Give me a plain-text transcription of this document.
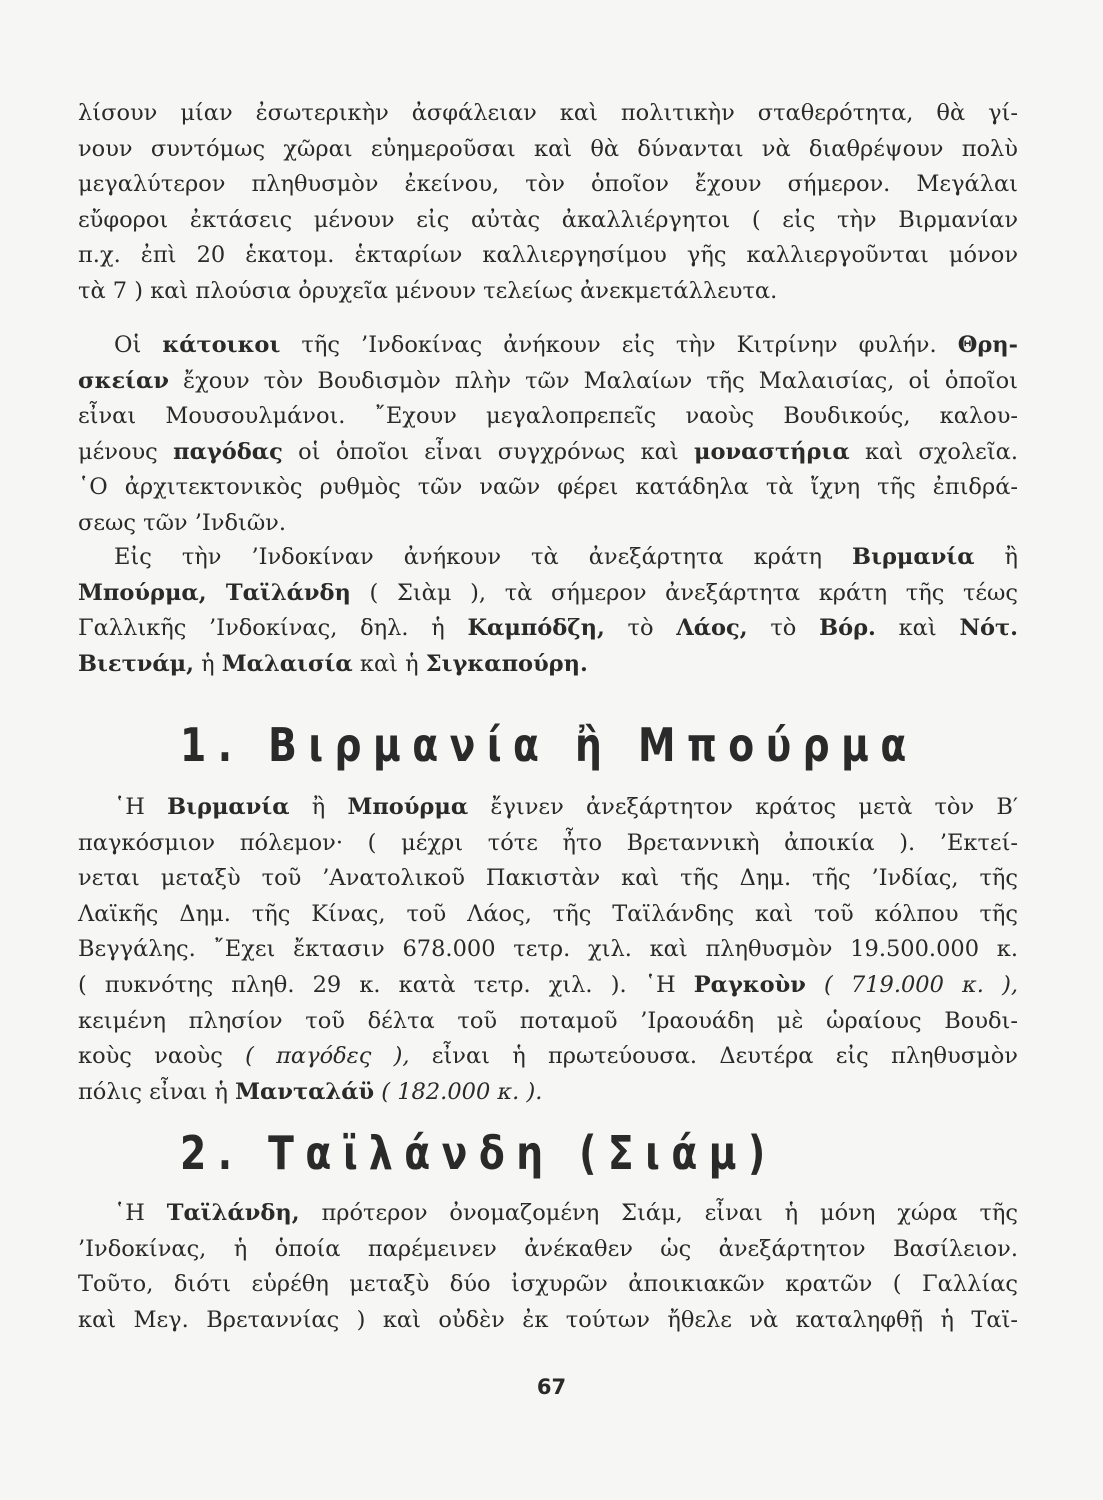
λίσουν μίαν ἐσωτερικὴν ἀσφάλειαν καὶ πολιτικὴν σταθερότητα, θὰ γί-
νουν συντόμως χῶραι εὐημεροῦσαι καὶ θὰ δύνανται νὰ διαθρέψουν πολὺ
μεγαλύτερον πληθυσμὸν ἐκείνου, τὸν ὁποῖον ἔχουν σήμερον. Μεγάλαι
εὔφοροι ἐκτάσεις μένουν εἰς αὐτὰς ἀκαλλιέργητοι ( εἰς τὴν Βιρμανίαν
π.χ. ἐπὶ 20 ἑκατομ. ἑκταρίων καλλιεργησίμου γῆς καλλιεργοῦνται μόνον
τὰ 7 ) καὶ πλούσια ὀρυχεῖα μένουν τελείως ἀνεκμετάλλευτα.

Οἱ κάτοικοι τῆς ’Ινδοκίνας ἀνήκουν εἰς τὴν Κιτρίνην φυλήν. Θρη-
σκείαν ἔχουν τὸν Βουδισμὸν πλὴν τῶν Μαλαίων τῆς Μαλαισίας, οἱ ὁποῖοι
εἶναι Μουσουλμάνοι. ῎Εχουν μεγαλοπρεπεῖς ναοὺς Βουδικούς, καλου-
μένους παγόδας οἱ ὁποῖοι εἶναι συγχρόνως καὶ μοναστήρια καὶ σχολεῖα.
῾Ο ἀρχιτεκτονικὸς ρυθμὸς τῶν ναῶν φέρει κατάδηλα τὰ ἴχνη τῆς ἐπιδρά-
σεως τῶν ’Ινδιῶν.

Εἰς τὴν ’Ινδοκίναν ἀνήκουν τὰ ἀνεξάρτητα κράτη Βιρμανία ἢ
Μπούρμα, Ταϊλάνδη ( Σιὰμ ), τὰ σήμερον ἀνεξάρτητα κράτη τῆς τέως
Γαλλικῆς ’Ινδοκίνας, δηλ. ἡ Καμπόδζη, τὸ Λάος, τὸ Βόρ. καὶ Νότ.
Βιετνάμ, ἡ Μαλαισία καὶ ἡ Σιγκαπούρη.

1. Βιρμανία ἢ Μπούρμα

῾Η Βιρμανία ἢ Μπούρμα ἔγινεν ἀνεξάρτητον κράτος μετὰ τὸν Β′
παγκόσμιον πόλεμον· ( μέχρι τότε ἦτο Βρεταννικὴ ἀποικία ). ’Εκτεί-
νεται μεταξὺ τοῦ ’Ανατολικοῦ Πακιστὰν καὶ τῆς Δημ. τῆς ’Ινδίας, τῆς
Λαϊκῆς Δημ. τῆς Κίνας, τοῦ Λάος, τῆς Ταϊλάνδης καὶ τοῦ κόλπου τῆς
Βεγγάλης. ῎Εχει ἔκτασιν 678.000 τετρ. χιλ. καὶ πληθυσμὸν 19.500.000 κ.
( πυκνότης πληθ. 29 κ. κατὰ τετρ. χιλ. ). ῾Η Ραγκοὺν ( 719.000 κ. ),
κειμένη πλησίον τοῦ δέλτα τοῦ ποταμοῦ ’Ιραουάδη μὲ ὡραίους Βουδι-
κοὺς ναοὺς ( παγόδες ), εἶναι ἡ πρωτεύουσα. Δευτέρα εἰς πληθυσμὸν
πόλις εἶναι ἡ Μανταλάϋ ( 182.000 κ. ).

2. Ταϊλάνδη (Σιάμ)

῾Η Ταϊλάνδη, πρότερον ὀνομαζομένη Σιάμ, εἶναι ἡ μόνη χώρα τῆς
’Ινδοκίνας, ἡ ὁποία παρέμεινεν ἀνέκαθεν ὡς ἀνεξάρτητον Βασίλειον.
Τοῦτο, διότι εὑρέθη μεταξὺ δύο ἰσχυρῶν ἀποικιακῶν κρατῶν ( Γαλλίας
καὶ Μεγ. Βρεταννίας ) καὶ οὐδὲν ἐκ τούτων ἤθελε νὰ καταληφθῇ ἡ Ταϊ-

67
